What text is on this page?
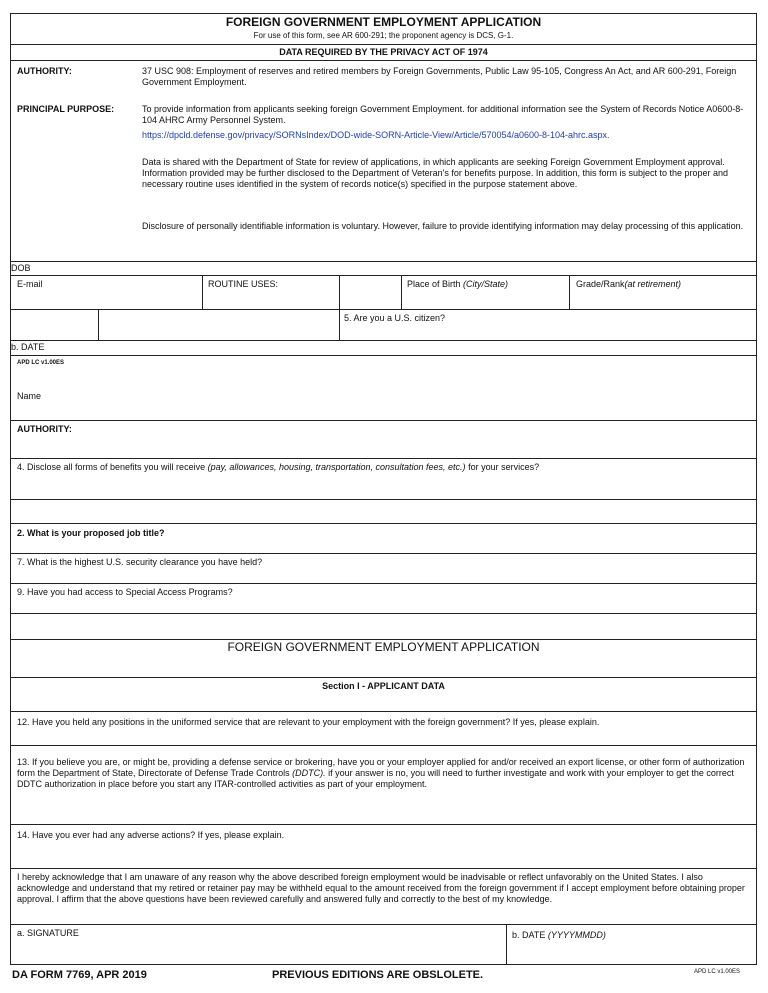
FOREIGN GOVERNMENT EMPLOYMENT APPLICATION
For use of this form, see AR 600-291; the proponent agency is DCS, G-1.
DATA REQUIRED BY THE PRIVACY ACT OF 1974
AUTHORITY:	37 USC 908: Employment of reserves and retired members by Foreign Governments, Public Law 95-105, Congress An Act, and AR 600-291, Foreign Government Employment.
PRINCIPAL PURPOSE:	To provide information from applicants seeking foreign Government Employment. for additional information see the System of Records Notice A0600-8-104 AHRC Army Personnel System.
https://dpcld.defense.gov/privacy/SORNsIndex/DOD-wide-SORN-Article-View/Article/570054/a0600-8-104-ahrc.aspx.
Data is shared with the Department of State for review of applications, in which applicants are seeking Foreign Government Employment approval. Information provided may be further disclosed to the Department of Veteran's for benefits purpose. In addition, this form is subject to the proper and necessary routine uses identified in the system of records notice(s) specified in the purpose statement above.
Disclosure of personally identifiable information is voluntary. However, failure to provide identifying information may delay processing of this application.
DOB
E-mail	ROUTINE USES:	Place of Birth (City/State)	Grade/Rank(at retirement)
5. Are you a U.S. citizen?
b. DATE
APD LC v1.00ES
Name
AUTHORITY:
4. Disclose all forms of benefits you will receive (pay, allowances, housing, transportation, consultation fees, etc.) for your services?
2. What is your proposed job title?
7. What is the highest U.S. security clearance you have held?
9. Have you had access to Special Access Programs?
FOREIGN GOVERNMENT EMPLOYMENT APPLICATION
Section I - APPLICANT DATA
12. Have you held any positions in the uniformed service that are relevant to your employment with the foreign government? If yes, please explain.
13. If you believe you are, or might be, providing a defense service or brokering, have you or your employer applied for and/or received an export license, or other form of authorization form the Department of State, Directorate of Defense Trade Controls (DDTC). if your answer is no, you will need to further investigate and work with your employer to get the correct DDTC authorization in place before you start any ITAR-controlled activities as part of your employment.
14. Have you ever had any adverse actions? If yes, please explain.
I hereby acknowledge that I am unaware of any reason why the above described foreign employment would be inadvisable or reflect unfavorably on the United States. I also acknowledge and understand that my retired or retainer pay may be withheld equal to the amount received from the foreign government if I accept employment before obtaining proper approval. I affirm that the above questions have been reviewed carefully and answered fully and correctly to the best of my knowledge.
a. SIGNATURE	b. DATE (YYYYMMDD)
DA FORM 7769, APR 2019	PREVIOUS EDITIONS ARE OBSLOLETE.	APD LC v1.00ES
